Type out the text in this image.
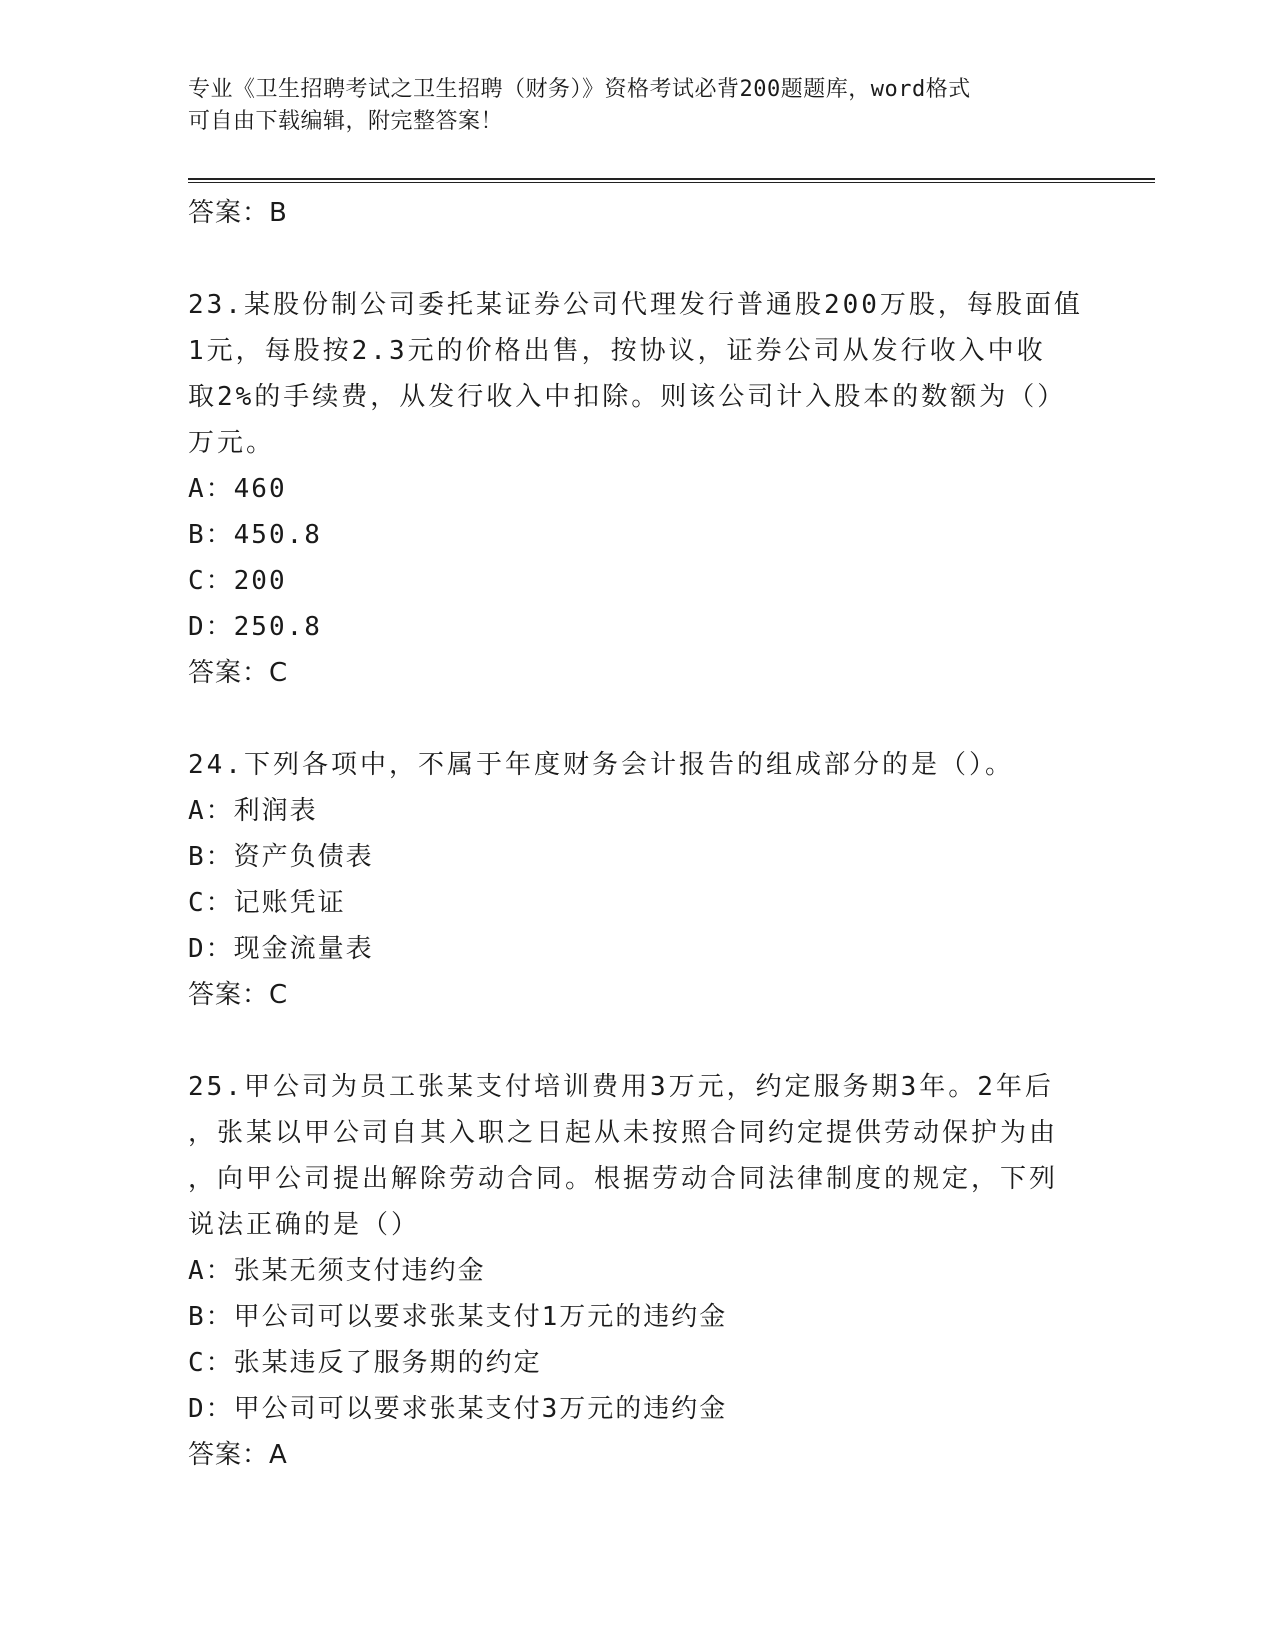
专业《卫生招聘考试之卫生招聘（财务）》资格考试必背200题题库，word格式
可自由下载编辑，附完整答案！
答案：B
23.某股份制公司委托某证券公司代理发行普通股200万股，每股面值
1元，每股按2.3元的价格出售，按协议，证券公司从发行收入中收
取2%的手续费，从发行收入中扣除。则该公司计入股本的数额为（）
万元。
A：460
B：450.8
C：200
D：250.8
答案：C
24.下列各项中，不属于年度财务会计报告的组成部分的是（）。
A：利润表
B：资产负债表
C：记账凭证
D：现金流量表
答案：C
25.甲公司为员工张某支付培训费用3万元，约定服务期3年。2年后
，张某以甲公司自其入职之日起从未按照合同约定提供劳动保护为由
，向甲公司提出解除劳动合同。根据劳动合同法律制度的规定，下列
说法正确的是（）
A：张某无须支付违约金
B：甲公司可以要求张某支付1万元的违约金
C：张某违反了服务期的约定
D：甲公司可以要求张某支付3万元的违约金
答案：A
